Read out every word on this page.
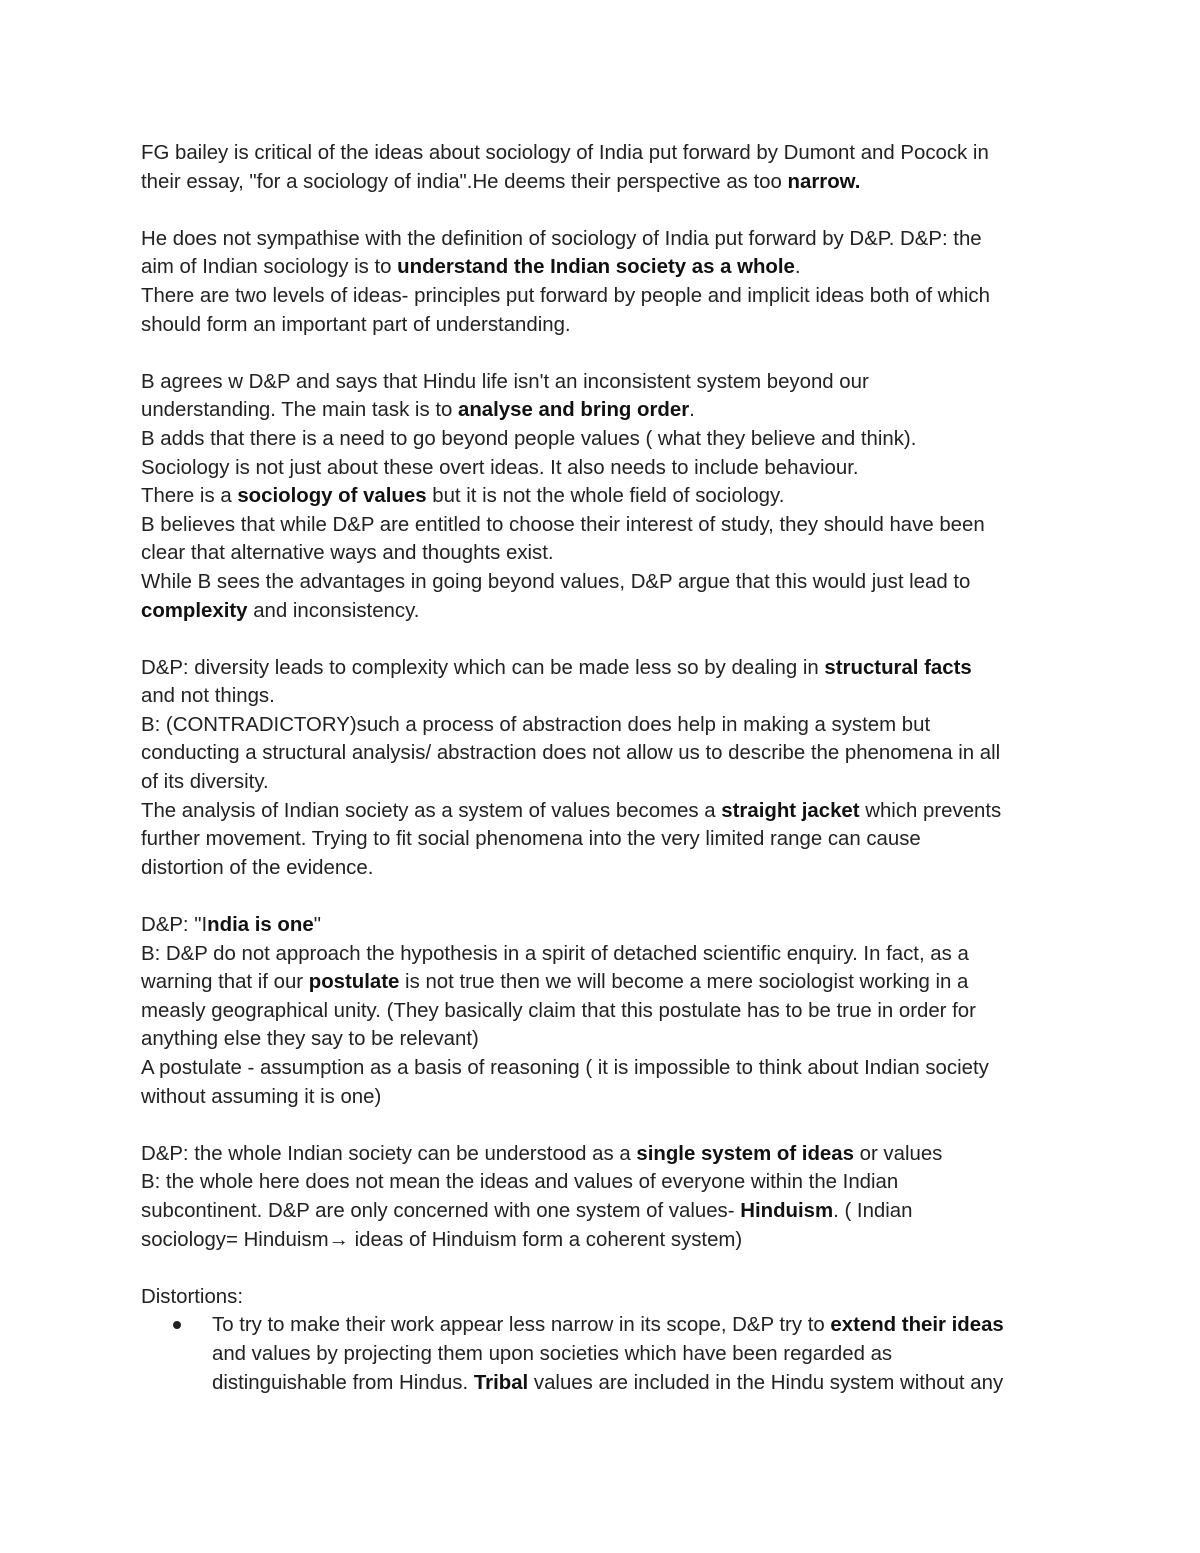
FG bailey is critical of the ideas about sociology of India put forward by Dumont and Pocock in
their essay, "for a sociology of india".He deems their perspective as too narrow.
He does not sympathise with the definition of sociology of India put forward by D&P. D&P: the
aim of Indian sociology is to understand the Indian society as a whole.
There are two levels of ideas- principles put forward by people and implicit ideas both of which
should form an important part of understanding.
B agrees w D&P and says that Hindu life isn't an inconsistent system beyond our
understanding. The main task is to analyse and bring order.
B adds that there is a need to go beyond people values ( what they believe and think).
Sociology is not just about these overt ideas. It also needs to include behaviour.
There is a sociology of values but it is not the whole field of sociology.
B believes that while D&P are entitled to choose their interest of study, they should have been
clear that alternative ways and thoughts exist.
While B sees the advantages in going beyond values, D&P argue that this would just lead to
complexity and inconsistency.
D&P: diversity leads to complexity which can be made less so by dealing in structural facts
and not things.
B: (CONTRADICTORY)such a process of abstraction does help in making a system but
conducting a structural analysis/ abstraction does not allow us to describe the phenomena in all
of its diversity.
The analysis of Indian society as a system of values becomes a straight jacket which prevents
further movement. Trying to fit social phenomena into the very limited range can cause
distortion of the evidence.
D&P: "India is one"
B: D&P do not approach the hypothesis in a spirit of detached scientific enquiry. In fact, as a
warning that if our postulate is not true then we will become a mere sociologist working in a
measly geographical unity. (They basically claim that this postulate has to be true in order for
anything else they say to be relevant)
A postulate - assumption as a basis of reasoning ( it is impossible to think about Indian society
without assuming it is one)
D&P: the whole Indian society can be understood as a single system of ideas or values
B: the whole here does not mean the ideas and values of everyone within the Indian
subcontinent. D&P are only concerned with one system of values- Hinduism. ( Indian
sociology= Hinduism→ ideas of Hinduism form a coherent system)
Distortions:
To try to make their work appear less narrow in its scope, D&P try to extend their ideas
and values by projecting them upon societies which have been regarded as
distinguishable from Hindus. Tribal values are included in the Hindu system without any
